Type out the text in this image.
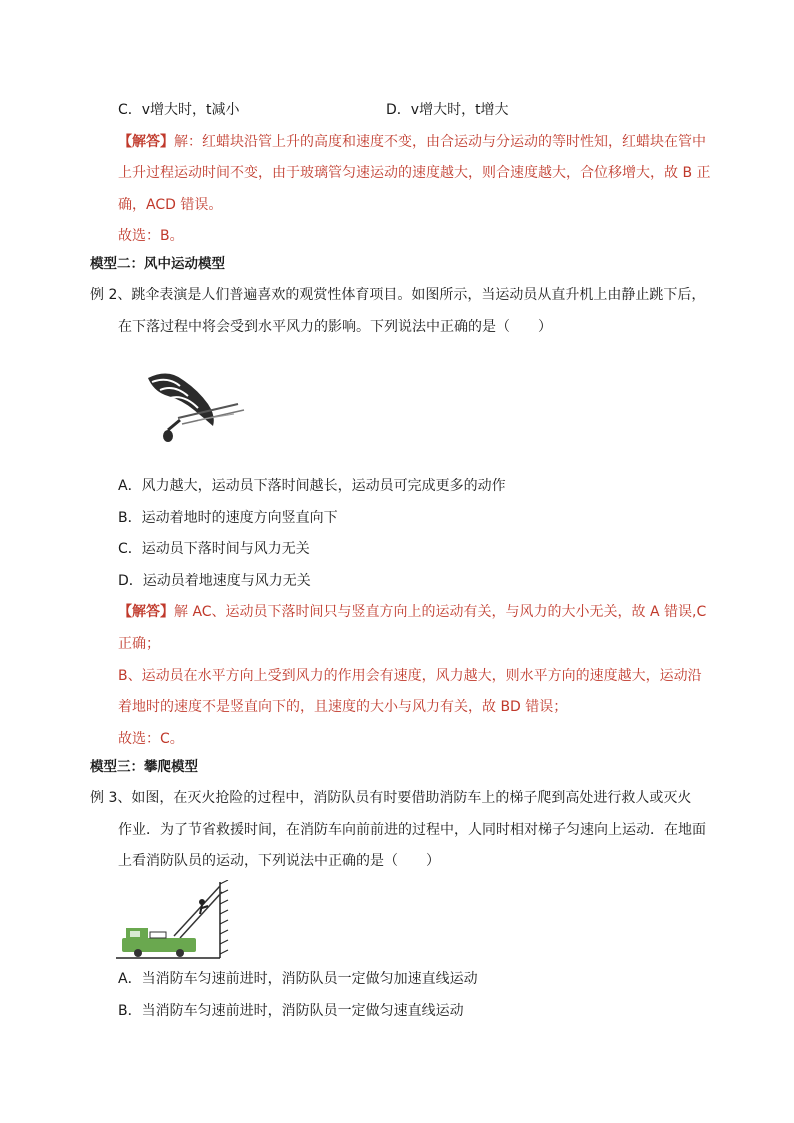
C．v增大时，t减小	D．v增大时，t增大
【解答】解：红蜡块沿管上升的高度和速度不变，由合运动与分运动的等时性知，红蜡块在管中
上升过程运动时间不变，由于玻璃管匀速运动的速度越大，则合速度越大，合位移增大，故 B 正
确，ACD 错误。
故选：B。
模型二：风中运动模型
例 2、跳伞表演是人们普遍喜欢的观赏性体育项目。如图所示，当运动员从直升机上由静止跳下后，
在下落过程中将会受到水平风力的影响。下列说法中正确的是（　　）
A．风力越大，运动员下落时间越长，运动员可完成更多的动作
B．运动着地时的速度方向竖直向下
C．运动员下落时间与风力无关
D．运动员着地速度与风力无关
【解答】解 AC、运动员下落时间只与竖直方向上的运动有关，与风力的大小无关，故 A 错误,C
正确；
B、运动员在水平方向上受到风力的作用会有速度，风力越大，则水平方向的速度越大，运动沿
着地时的速度不是竖直向下的，且速度的大小与风力有关，故 BD 错误；
故选：C。
模型三：攀爬模型
例 3、如图，在灭火抢险的过程中，消防队员有时要借助消防车上的梯子爬到高处进行救人或灭火
作业．为了节省救援时间，在消防车向前前进的过程中，人同时相对梯子匀速向上运动．在地面
上看消防队员的运动，下列说法中正确的是（　　）
A．当消防车匀速前进时，消防队员一定做匀加速直线运动
B．当消防车匀速前进时，消防队员一定做匀速直线运动
